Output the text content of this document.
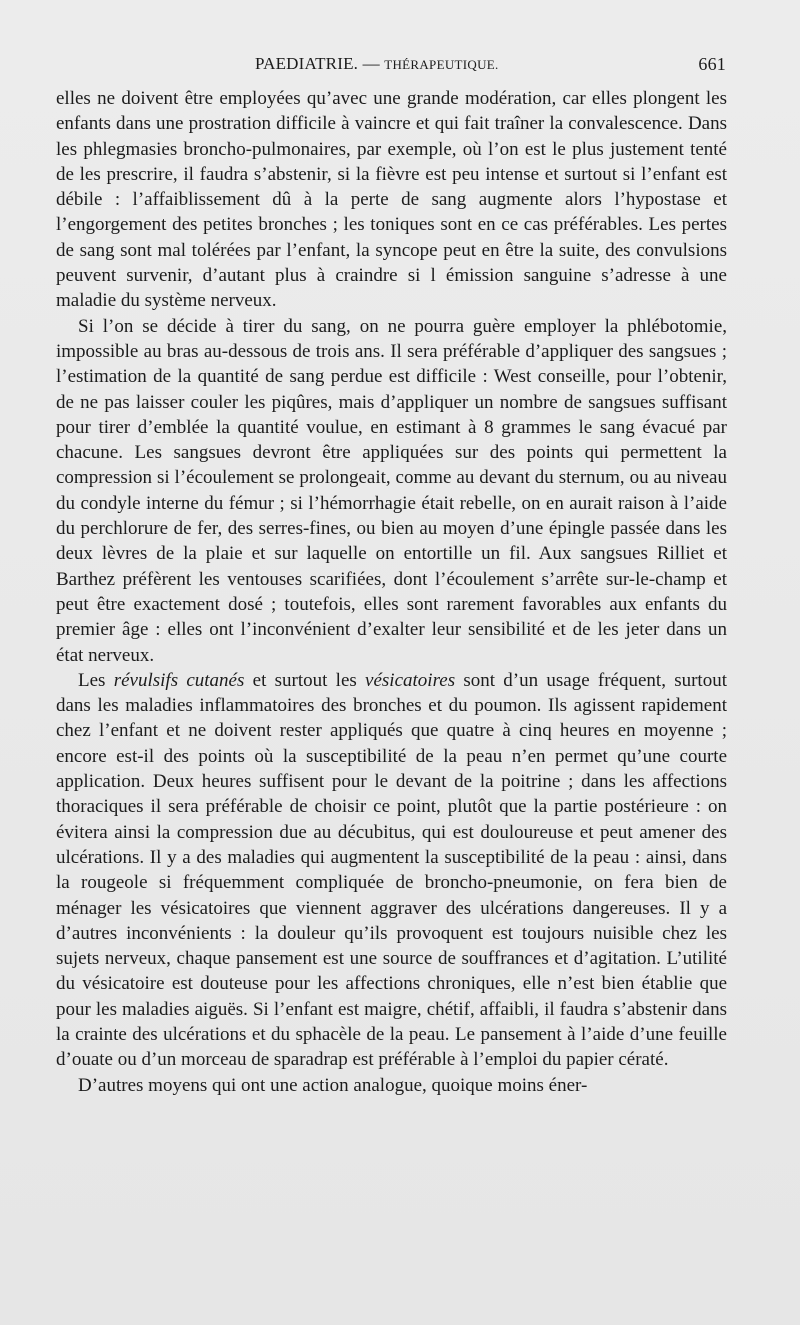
PAEDIATRIE. — THÉRAPEUTIQUE.	661

elles ne doivent être employées qu’avec une grande modération, car elles plongent les enfants dans une prostration difficile à vaincre et qui fait traîner la convalescence. Dans les phlegmasies broncho-pulmonaires, par exemple, où l’on est le plus justement tenté de les prescrire, il faudra s’abstenir, si la fièvre est peu intense et surtout si l’enfant est débile : l’affaiblissement dû à la perte de sang augmente alors l’hypostase et l’engorgement des petites bronches ; les toniques sont en ce cas préférables. Les pertes de sang sont mal tolérées par l’enfant, la syncope peut en être la suite, des convulsions peuvent survenir, d’autant plus à craindre si l émission sanguine s’adresse à une maladie du système nerveux.

Si l’on se décide à tirer du sang, on ne pourra guère employer la phlébotomie, impossible au bras au-dessous de trois ans. Il sera préférable d’appliquer des sangsues ; l’estimation de la quantité de sang perdue est difficile : West conseille, pour l’obtenir, de ne pas laisser couler les piqûres, mais d’appliquer un nombre de sangsues suffisant pour tirer d’emblée la quantité voulue, en estimant à 8 grammes le sang évacué par chacune. Les sangsues devront être appliquées sur des points qui permettent la compression si l’écoulement se prolongeait, comme au devant du sternum, ou au niveau du condyle interne du fémur ; si l’hémorrhagie était rebelle, on en aurait raison à l’aide du perchlorure de fer, des serres-fines, ou bien au moyen d’une épingle passée dans les deux lèvres de la plaie et sur laquelle on entortille un fil. Aux sangsues Rilliet et Barthez préfèrent les ventouses scarifiées, dont l’écoulement s’arrête sur-le-champ et peut être exactement dosé ; toutefois, elles sont rarement favorables aux enfants du premier âge : elles ont l’inconvénient d’exalter leur sensibilité et de les jeter dans un état nerveux.

Les révulsifs cutanés et surtout les vésicatoires sont d’un usage fréquent, surtout dans les maladies inflammatoires des bronches et du poumon. Ils agissent rapidement chez l’enfant et ne doivent rester appliqués que quatre à cinq heures en moyenne ; encore est-il des points où la susceptibilité de la peau n’en permet qu’une courte application. Deux heures suffisent pour le devant de la poitrine ; dans les affections thoraciques il sera préférable de choisir ce point, plutôt que la partie postérieure : on évitera ainsi la compression due au décubitus, qui est douloureuse et peut amener des ulcérations. Il y a des maladies qui augmentent la susceptibilité de la peau : ainsi, dans la rougeole si fréquemment compliquée de broncho-pneumonie, on fera bien de ménager les vésicatoires que viennent aggraver des ulcérations dangereuses. Il y a d’autres inconvénients : la douleur qu’ils provoquent est toujours nuisible chez les sujets nerveux, chaque pansement est une source de souffrances et d’agitation. L’utilité du vésicatoire est douteuse pour les affections chroniques, elle n’est bien établie que pour les maladies aiguës. Si l’enfant est maigre, chétif, affaibli, il faudra s’abstenir dans la crainte des ulcérations et du sphacèle de la peau. Le pansement à l’aide d’une feuille d’ouate ou d’un morceau de sparadrap est préférable à l’emploi du papier cératé.

D’autres moyens qui ont une action analogue, quoique moins éner-
